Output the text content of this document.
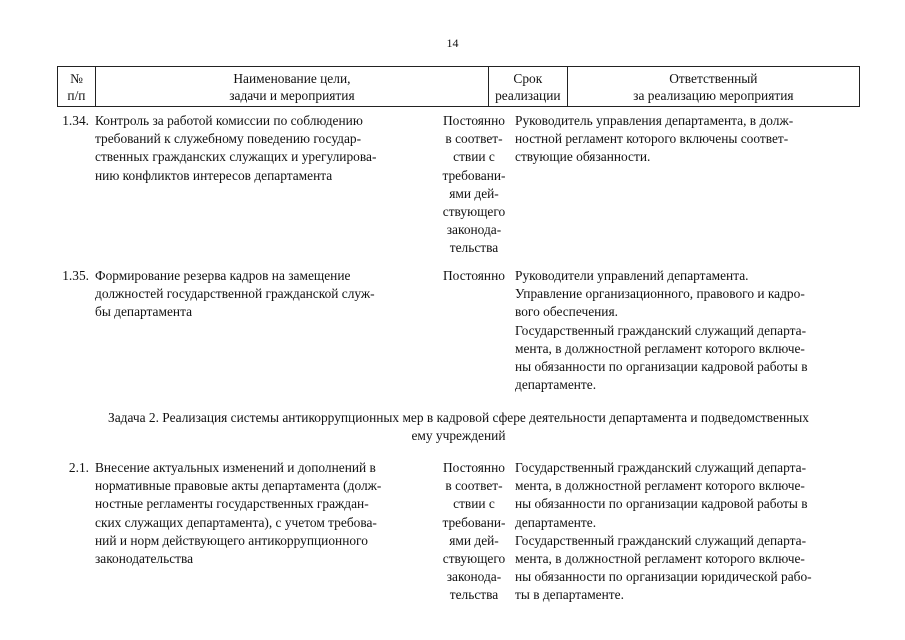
14
№
п/п
Наименование цели,
задачи и мероприятия
Срок
реализации
Ответственный
за реализацию мероприятия
1.34. Контроль за работой комиссии по соблюдению
требований к служебному поведению государ-
ственных гражданских служащих и урегулирова-
нию конфликтов интересов департамента
Постоянно
в соответ-
ствии с
требовани-
ями дей-
ствующего
законода-
тельства
Руководитель управления департамента, в долж-
ностной регламент которого включены соответ-
ствующие обязанности.
1.35. Формирование резерва кадров на замещение
должностей государственной гражданской служ-
бы департамента
Постоянно Руководители управлений департамента.
Управление организационного, правового и кадро-
вого обеспечения.
Государственный гражданский служащий департа-
мента, в должностной регламент которого включе-
ны обязанности по организации кадровой работы в
департаменте.
Задача 2. Реализация системы антикоррупционных мер в кадровой сфере деятельности департамента и подведомственных
ему учреждений
2.1. Внесение актуальных изменений и дополнений в
нормативные правовые акты департамента (долж-
ностные регламенты государственных граждан-
ских служащих департамента), с учетом требова-
ний и норм действующего антикоррупционного
законодательства
Постоянно
в соответ-
ствии с
требовани-
ями дей-
ствующего
законода-
тельства
Государственный гражданский служащий департа-
мента, в должностной регламент которого включе-
ны обязанности по организации кадровой работы в
департаменте.
Государственный гражданский служащий департа-
мента, в должностной регламент которого включе-
ны обязанности по организации юридической рабо-
ты в департаменте.
